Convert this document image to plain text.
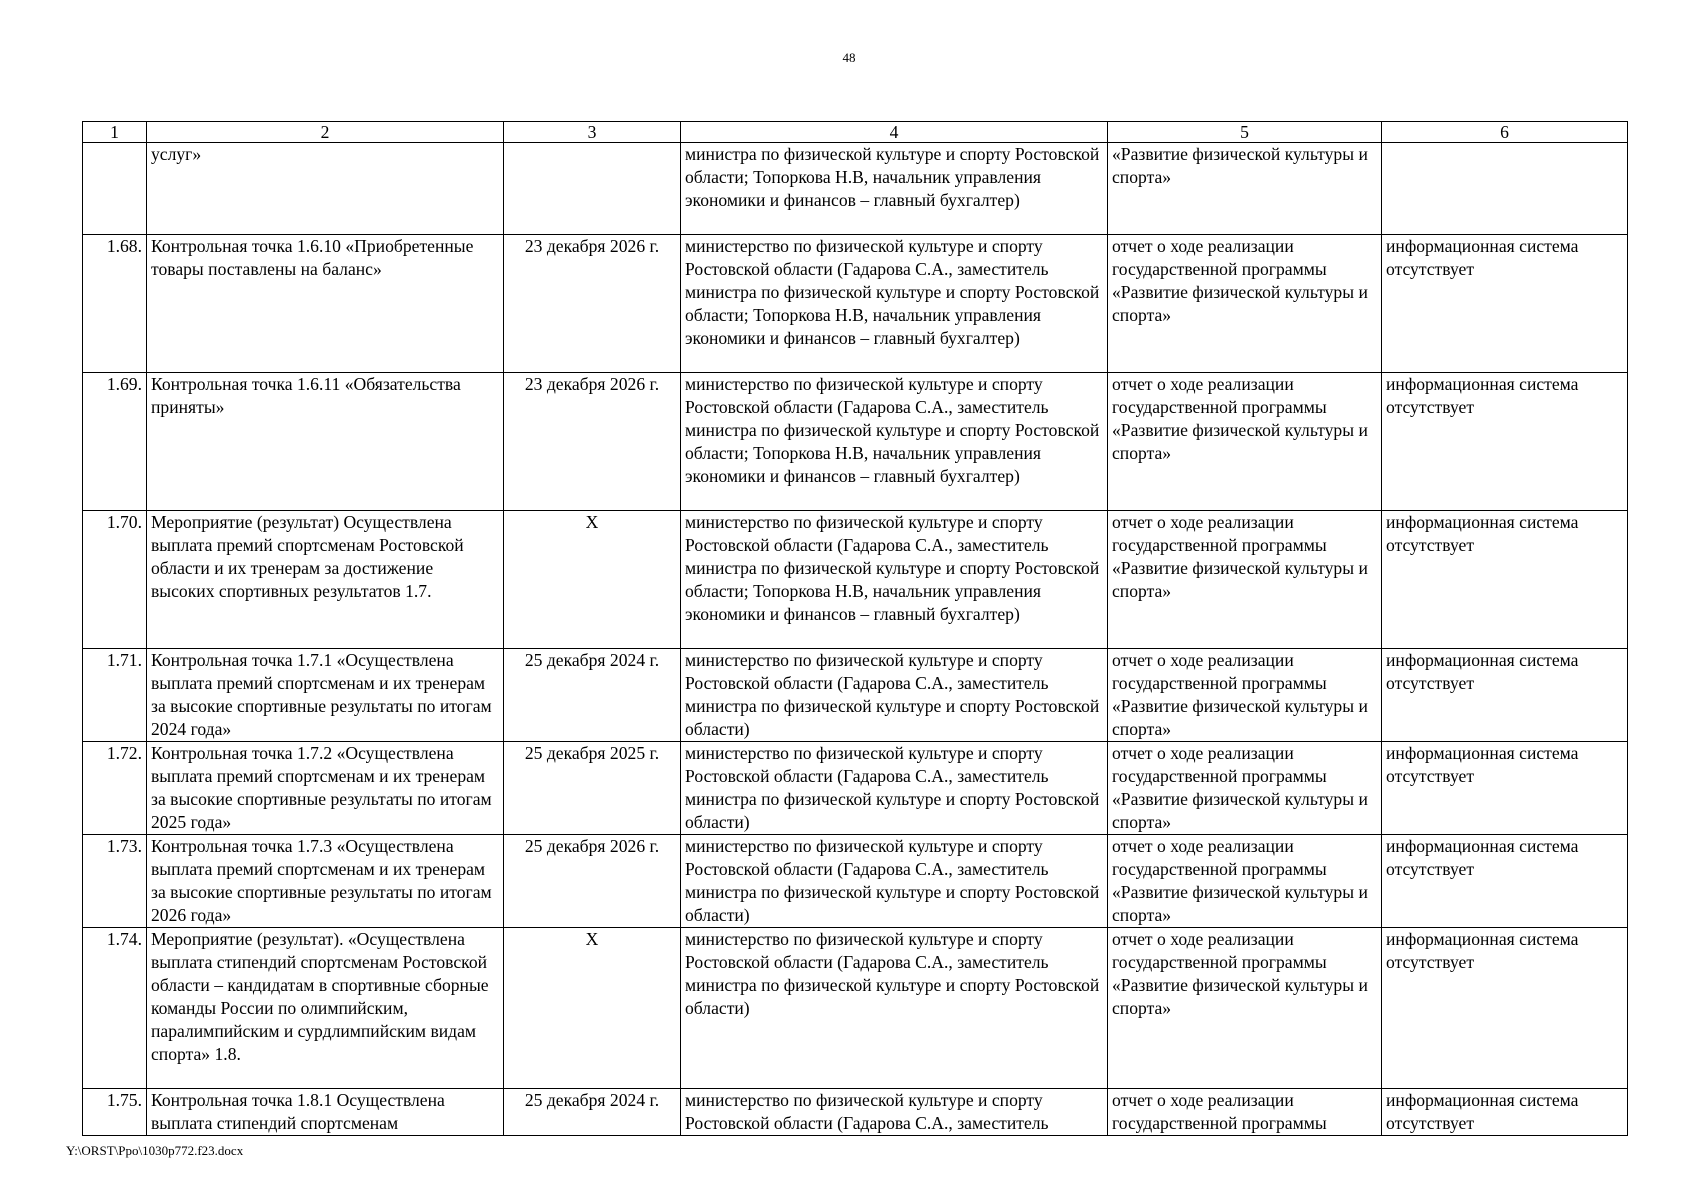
48
1	2	3	4	5	6
	услуг»		министра по физической культуре и спорту Ростовской области; Топоркова Н.В, начальник управления экономики и финансов – главный бухгалтер)	«Развитие физической культуры и спорта»	
1.68.	Контрольная точка 1.6.10 «Приобретенные товары поставлены на баланс»	23 декабря 2026 г.	министерство по физической культуре и спорту Ростовской области (Гадарова С.А., заместитель министра по физической культуре и спорту Ростовской области; Топоркова Н.В, начальник управления экономики и финансов – главный бухгалтер)	отчет о ходе реализации государственной программы «Развитие физической культуры и спорта»	информационная система отсутствует
1.69.	Контрольная точка 1.6.11 «Обязательства приняты»	23 декабря 2026 г.	министерство по физической культуре и спорту Ростовской области (Гадарова С.А., заместитель министра по физической культуре и спорту Ростовской области; Топоркова Н.В, начальник управления экономики и финансов – главный бухгалтер)	отчет о ходе реализации государственной программы «Развитие физической культуры и спорта»	информационная система отсутствует
1.70.	Мероприятие (результат) Осуществлена выплата премий спортсменам Ростовской области и их тренерам за достижение высоких спортивных результатов 1.7.	X	министерство по физической культуре и спорту Ростовской области (Гадарова С.А., заместитель министра по физической культуре и спорту Ростовской области; Топоркова Н.В, начальник управления экономики и финансов – главный бухгалтер)	отчет о ходе реализации государственной программы «Развитие физической культуры и спорта»	информационная система отсутствует
1.71.	Контрольная точка 1.7.1 «Осуществлена выплата премий спортсменам и их тренерам за высокие спортивные результаты по итогам 2024 года»	25 декабря 2024 г.	министерство по физической культуре и спорту Ростовской области (Гадарова С.А., заместитель министра по физической культуре и спорту Ростовской области)	отчет о ходе реализации государственной программы «Развитие физической культуры и спорта»	информационная система отсутствует
1.72.	Контрольная точка 1.7.2 «Осуществлена выплата премий спортсменам и их тренерам за высокие спортивные результаты по итогам 2025 года»	25 декабря 2025 г.	министерство по физической культуре и спорту Ростовской области (Гадарова С.А., заместитель министра по физической культуре и спорту Ростовской области)	отчет о ходе реализации государственной программы «Развитие физической культуры и спорта»	информационная система отсутствует
1.73.	Контрольная точка 1.7.3 «Осуществлена выплата премий спортсменам и их тренерам за высокие спортивные результаты по итогам 2026 года»	25 декабря 2026 г.	министерство по физической культуре и спорту Ростовской области (Гадарова С.А., заместитель министра по физической культуре и спорту Ростовской области)	отчет о ходе реализации государственной программы «Развитие физической культуры и спорта»	информационная система отсутствует
1.74.	Мероприятие (результат). «Осуществлена выплата стипендий спортсменам Ростовской области – кандидатам в спортивные сборные команды России по олимпийским, паралимпийским и сурдлимпийским видам спорта» 1.8.	X	министерство по физической культуре и спорту Ростовской области (Гадарова С.А., заместитель министра по физической культуре и спорту Ростовской области)	отчет о ходе реализации государственной программы «Развитие физической культуры и спорта»	информационная система отсутствует
1.75.	Контрольная точка 1.8.1 Осуществлена выплата стипендий спортсменам	25 декабря 2024 г.	министерство по физической культуре и спорту Ростовской области (Гадарова С.А., заместитель	отчет о ходе реализации государственной программы	информационная система отсутствует
Y:\ORST\Ppo\1030p772.f23.docx
